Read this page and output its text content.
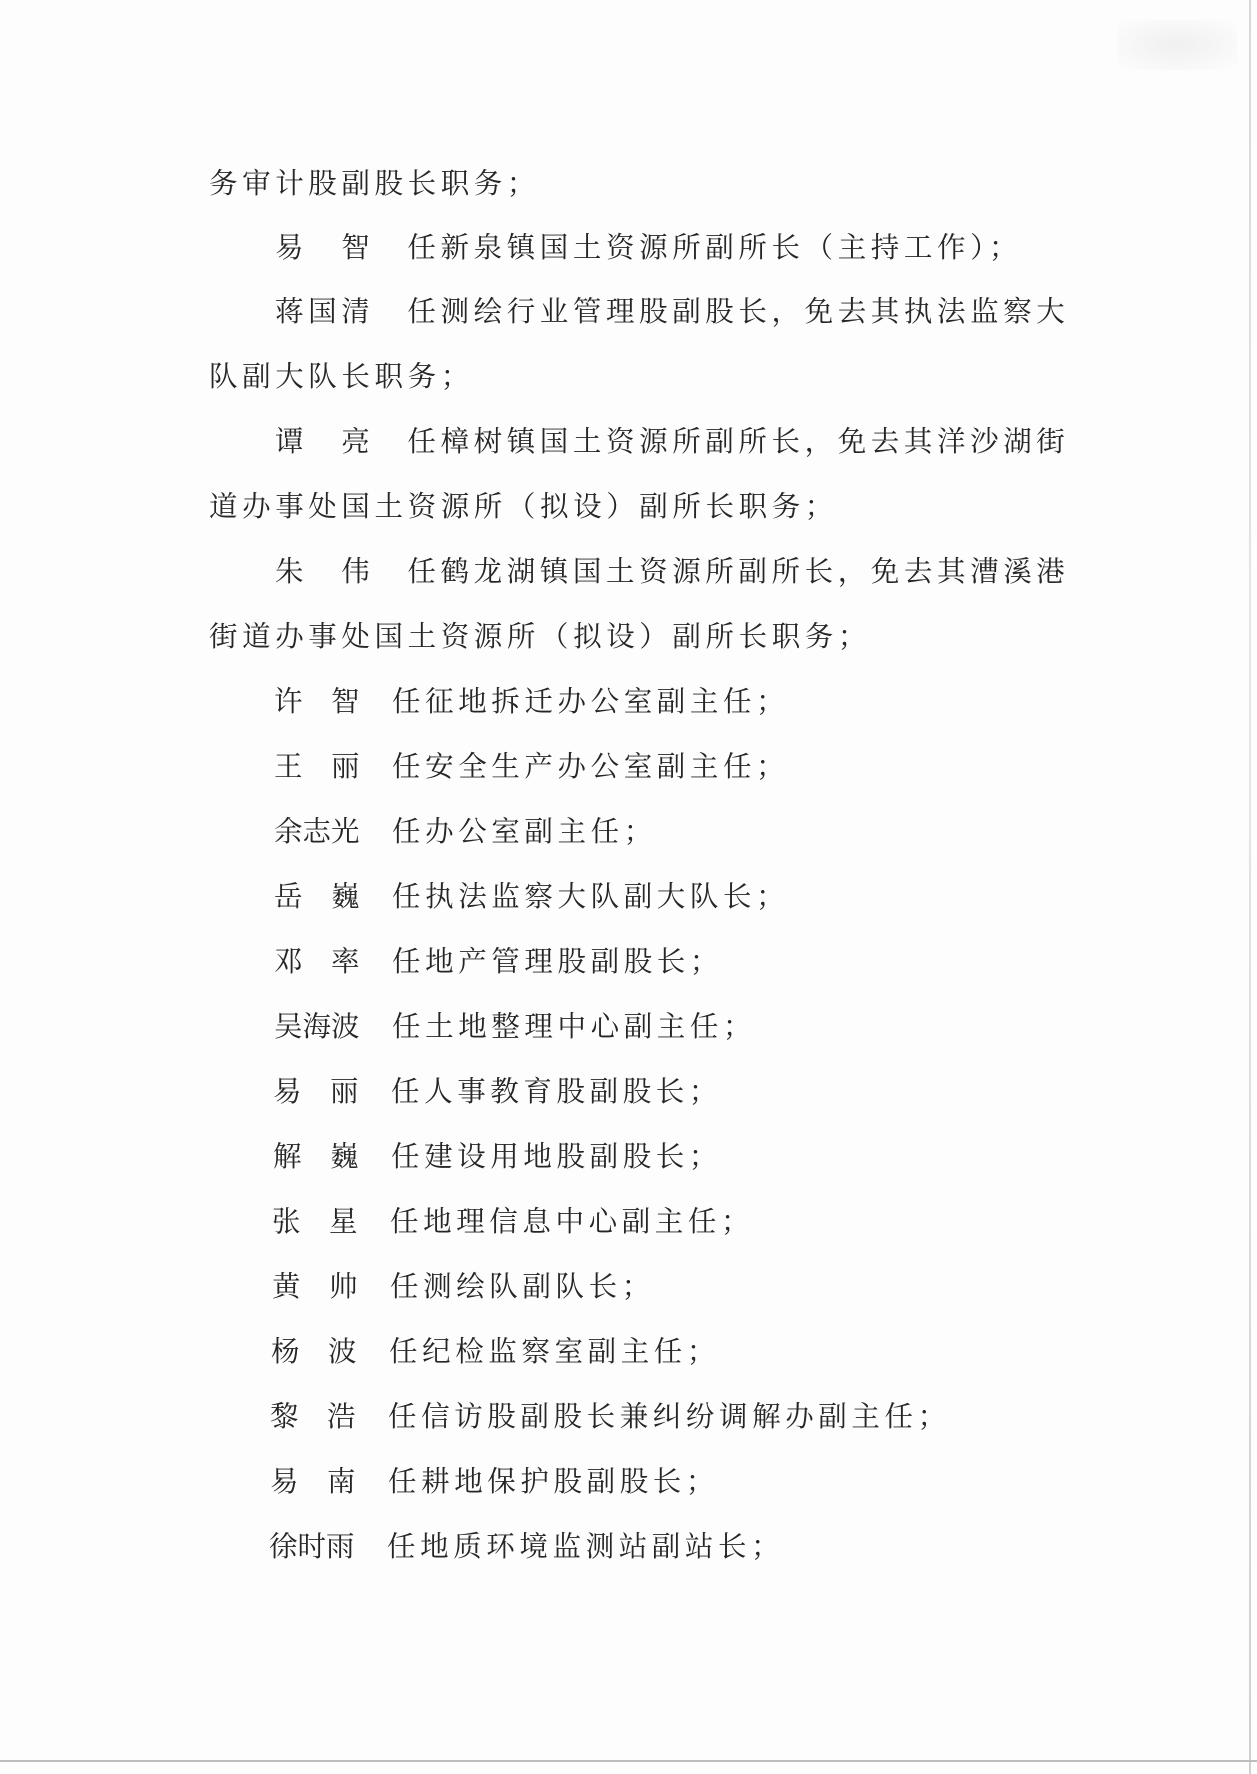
务审计股副股长职务；
易　智　任新泉镇国土资源所副所长（主持工作）；
蒋国清　任测绘行业管理股副股长，免去其执法监察大
队副大队长职务；
谭　亮　任樟树镇国土资源所副所长，免去其洋沙湖街
道办事处国土资源所（拟设）副所长职务；
朱　伟　任鹤龙湖镇国土资源所副所长，免去其漕溪港
街道办事处国土资源所（拟设）副所长职务；
许　智 任征地拆迁办公室副主任；
王　丽 任安全生产办公室副主任；
余志光 任办公室副主任；
岳　巍 任执法监察大队副大队长；
邓　率 任地产管理股副股长；
吴海波 任土地整理中心副主任；
易　丽 任人事教育股副股长；
解　巍 任建设用地股副股长；
张　星 任地理信息中心副主任；
黄　帅 任测绘队副队长；
杨　波 任纪检监察室副主任；
黎　浩 任信访股副股长兼纠纷调解办副主任；
易　南 任耕地保护股副股长；
徐时雨 任地质环境监测站副站长；
